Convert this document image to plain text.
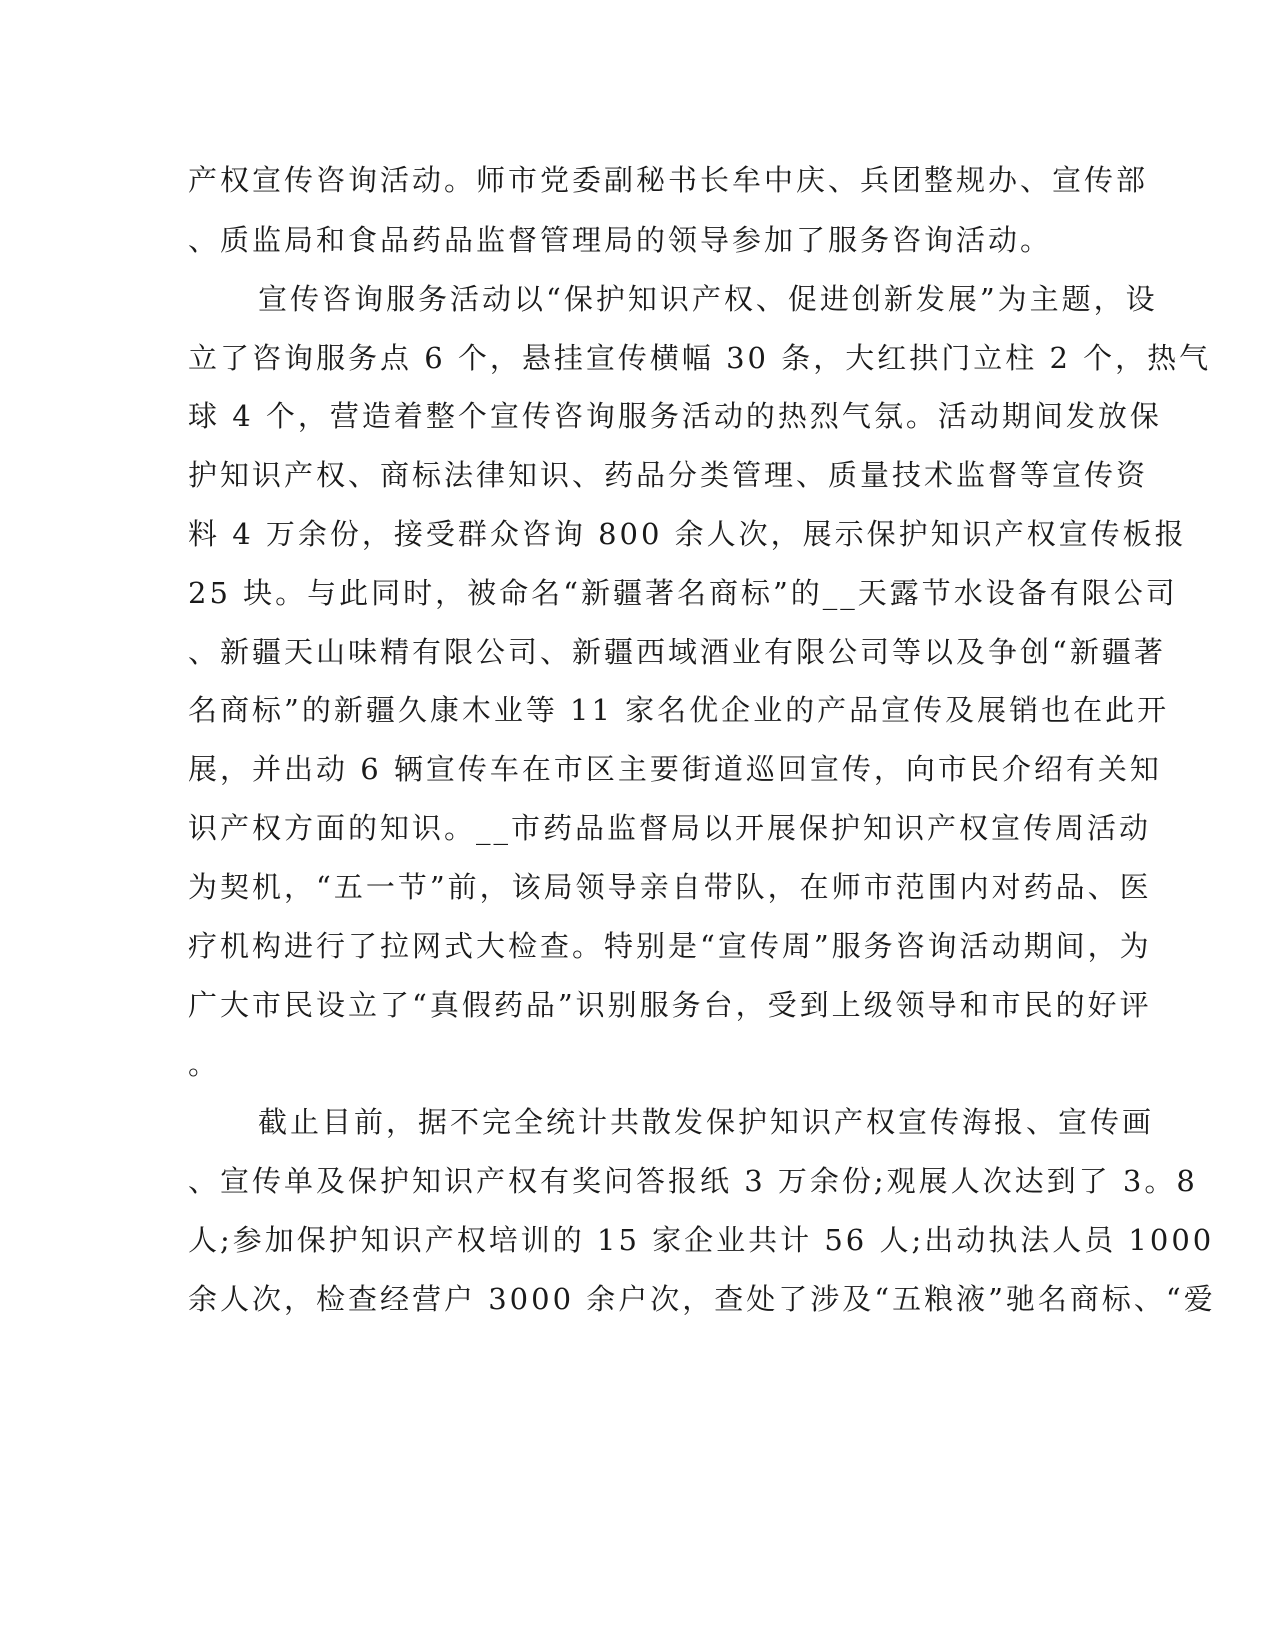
产权宣传咨询活动。师市党委副秘书长牟中庆、兵团整规办、宣传部
、质监局和食品药品监督管理局的领导参加了服务咨询活动。
宣传咨询服务活动以“保护知识产权、促进创新发展”为主题，设
立了咨询服务点 6 个，悬挂宣传横幅 30 条，大红拱门立柱 2 个，热气
球 4 个，营造着整个宣传咨询服务活动的热烈气氛。活动期间发放保
护知识产权、商标法律知识、药品分类管理、质量技术监督等宣传资
料 4 万余份，接受群众咨询 800 余人次，展示保护知识产权宣传板报
25 块。与此同时，被命名“新疆著名商标”的__天露节水设备有限公司
、新疆天山味精有限公司、新疆西域酒业有限公司等以及争创“新疆著
名商标”的新疆久康木业等 11 家名优企业的产品宣传及展销也在此开
展，并出动 6 辆宣传车在市区主要街道巡回宣传，向市民介绍有关知
识产权方面的知识。__市药品监督局以开展保护知识产权宣传周活动
为契机，“五一节”前，该局领导亲自带队，在师市范围内对药品、医
疗机构进行了拉网式大检查。特别是“宣传周”服务咨询活动期间，为
广大市民设立了“真假药品”识别服务台，受到上级领导和市民的好评
。
截止目前，据不完全统计共散发保护知识产权宣传海报、宣传画
、宣传单及保护知识产权有奖问答报纸 3 万余份;观展人次达到了 3。8
人;参加保护知识产权培训的 15 家企业共计 56 人;出动执法人员 1000
余人次，检查经营户 3000 余户次，查处了涉及“五粮液”驰名商标、“爱
